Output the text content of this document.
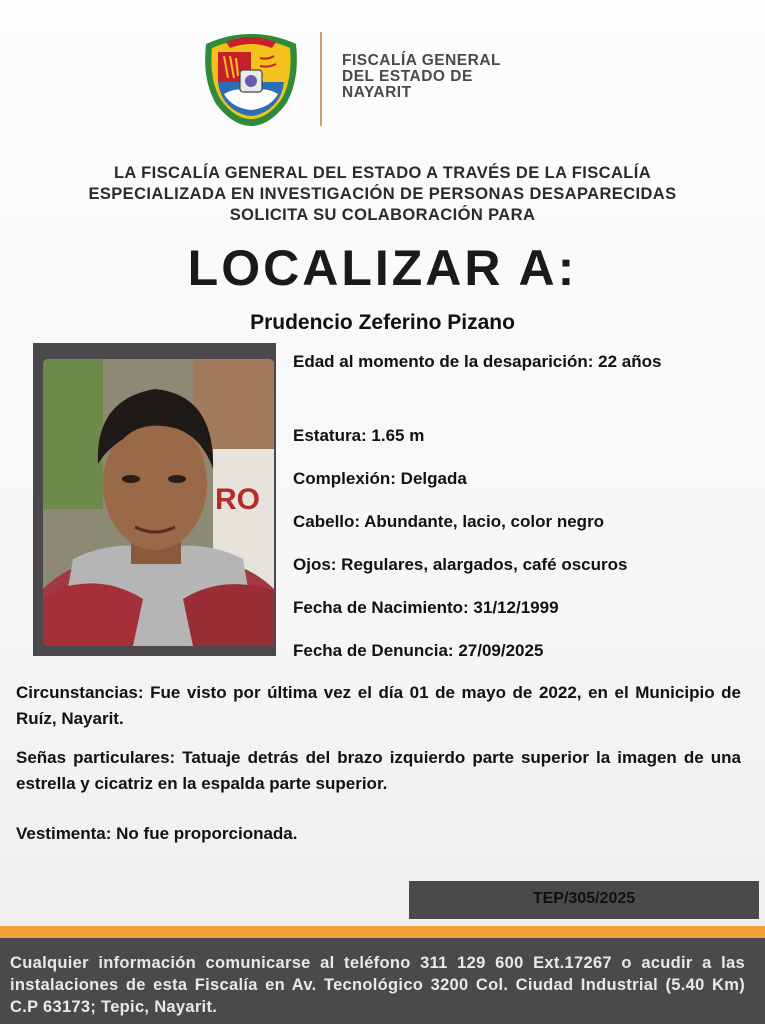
FISCALÍA GENERAL
DEL ESTADO DE
NAYARIT
LA FISCALÍA GENERAL DEL ESTADO A TRAVÉS DE LA FISCALÍA
ESPECIALIZADA EN INVESTIGACIÓN DE PERSONAS DESAPARECIDAS
SOLICITA SU COLABORACIÓN PARA
LOCALIZAR A:
Prudencio Zeferino Pizano
RO
Edad al momento de la desaparición: 22 años
Estatura: 1.65 m
Complexión: Delgada
Cabello: Abundante, lacio, color negro
Ojos: Regulares, alargados, café oscuros
Fecha de Nacimiento: 31/12/1999
Fecha de Denuncia: 27/09/2025
Circunstancias: Fue visto por última vez el día 01 de mayo de 2022, en el Municipio de Ruíz, Nayarit.
Señas particulares: Tatuaje detrás del brazo izquierdo parte superior la imagen de una estrella y cicatriz en la espalda parte superior.
Vestimenta: No fue proporcionada.
TEP/305/2025
Cualquier información comunicarse al teléfono 311 129 600 Ext.17267 o acudir a las instalaciones de esta Fiscalía en Av. Tecnológico 3200 Col. Ciudad Industrial (5.40 Km) C.P 63173; Tepic, Nayarit.
